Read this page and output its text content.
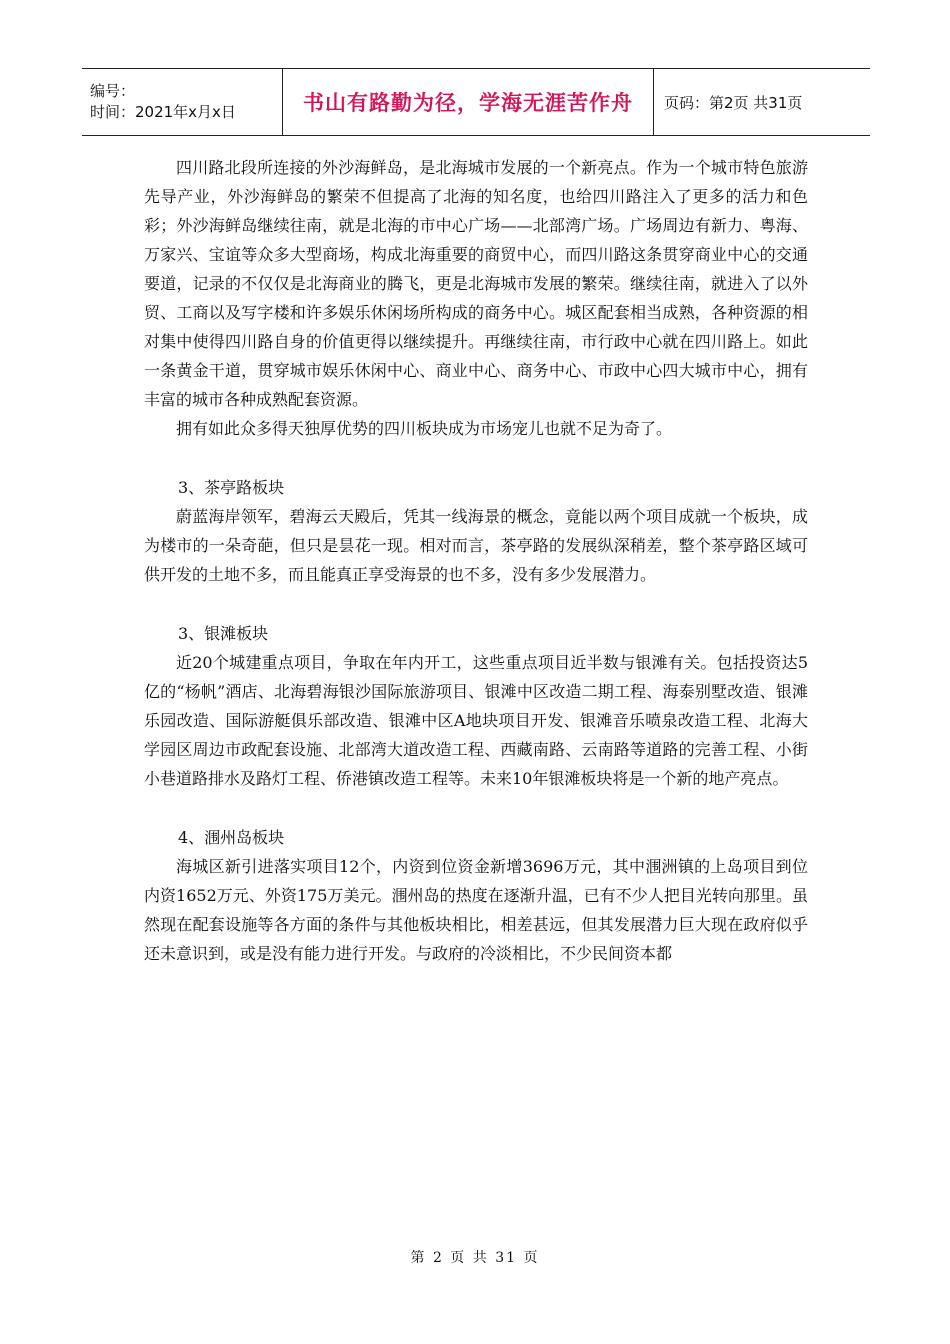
编号：
时间：2021年x月x日	书山有路勤为径，学海无涯苦作舟 页码：第2页 共31页

四川路北段所连接的外沙海鲜岛，是北海城市发展的一个新亮点。作为一个城市特色旅游先导产业，外沙海鲜岛的繁荣不但提高了北海的知名度，也给四川路注入了更多的活力和色彩；外沙海鲜岛继续往南，就是北海的市中心广场——北部湾广场。广场周边有新力、粤海、万家兴、宝谊等众多大型商场，构成北海重要的商贸中心，而四川路这条贯穿商业中心的交通要道，记录的不仅仅是北海商业的腾飞，更是北海城市发展的繁荣。继续往南，就进入了以外贸、工商以及写字楼和许多娱乐休闲场所构成的商务中心。城区配套相当成熟，各种资源的相对集中使得四川路自身的价值更得以继续提升。再继续往南，市行政中心就在四川路上。如此一条黄金干道，贯穿城市娱乐休闲中心、商业中心、商务中心、市政中心四大城市中心，拥有丰富的城市各种成熟配套资源。

拥有如此众多得天独厚优势的四川板块成为市场宠儿也就不足为奇了。

3、茶亭路板块

蔚蓝海岸领军，碧海云天殿后，凭其一线海景的概念，竟能以两个项目成就一个板块，成为楼市的一朵奇葩，但只是昙花一现。相对而言，茶亭路的发展纵深稍差，整个茶亭路区域可供开发的土地不多，而且能真正享受海景的也不多，没有多少发展潜力。

3、银滩板块

近20个城建重点项目，争取在年内开工，这些重点项目近半数与银滩有关。包括投资达5亿的“杨帆”酒店、北海碧海银沙国际旅游项目、银滩中区改造二期工程、海泰别墅改造、银滩乐园改造、国际游艇俱乐部改造、银滩中区A地块项目开发、银滩音乐喷泉改造工程、北海大学园区周边市政配套设施、北部湾大道改造工程、西藏南路、云南路等道路的完善工程、小街小巷道路排水及路灯工程、侨港镇改造工程等。未来10年银滩板块将是一个新的地产亮点。

4、涠州岛板块

海城区新引进落实项目12个，内资到位资金新增3696万元，其中涠洲镇的上岛项目到位内资1652万元、外资175万美元。涠州岛的热度在逐渐升温，已有不少人把目光转向那里。虽然现在配套设施等各方面的条件与其他板块相比，相差甚远，但其发展潜力巨大现在政府似乎还未意识到，或是没有能力进行开发。与政府的冷淡相比，不少民间资本都

第 2 页 共 31 页
